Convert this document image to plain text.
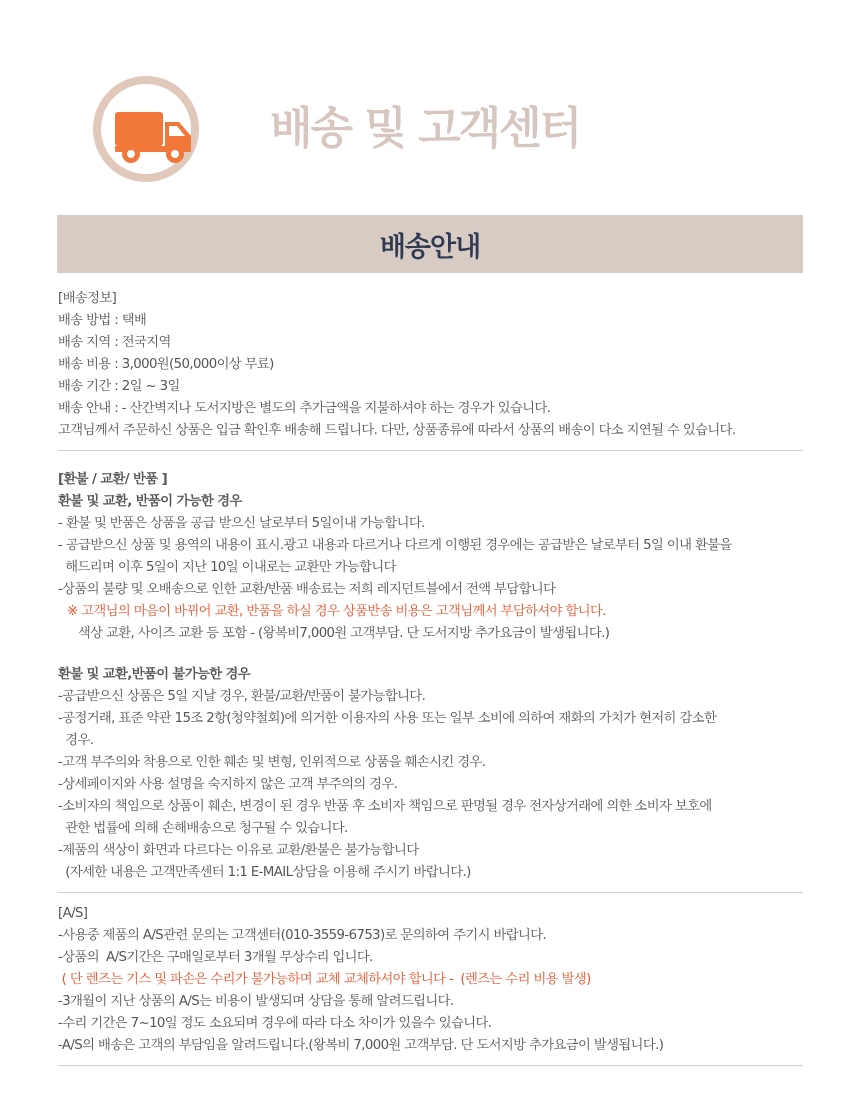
배송 및 고객센터
배송안내
[배송정보]
배송 방법 : 택배
배송 지역 : 전국지역
배송 비용 : 3,000원(50,000이상 무료)
배송 기간 : 2일 ~ 3일
배송 안내 : - 산간벽지나 도서지방은 별도의 추가금액을 지불하셔야 하는 경우가 있습니다.
고객님께서 주문하신 상품은 입금 확인후 배송해 드립니다. 다만, 상품종류에 따라서 상품의 배송이 다소 지연될 수 있습니다.
[환불 / 교환/ 반품 ]
환불 및 교환, 반품이 가능한 경우
- 환불 및 반품은 상품을 공급 받으신 날로부터 5일이내 가능합니다.
- 공급받으신 상품 및 용역의 내용이 표시.광고 내용과 다르거나 다르게 이행된 경우에는 공급받은 날로부터 5일 이내 환불을
해드리며 이후 5일이 지난 10일 이내로는 교환만 가능합니다
-상품의 불량 및 오배송으로 인한 교환/반품 배송료는 저희 레지던트블에서 전액 부담합니다
※ 고객님의 마음이 바뀌어 교환, 반품을 하실 경우 상품반송 비용은 고객님께서 부담하셔야 합니다.
색상 교환, 사이즈 교환 등 포함 - (왕복비7,000원 고객부담. 단 도서지방 추가요금이 발생됩니다.)
환불 및 교환,반품이 불가능한 경우
-공급받으신 상품은 5일 지날 경우, 환불/교환/반품이 불가능합니다.
-공정거래, 표준 약관 15조 2항(청약철회)에 의거한 이용자의 사용 또는 일부 소비에 의하여 재화의 가치가 현저히 감소한
경우.
-고객 부주의와 착용으로 인한 훼손 및 변형, 인위적으로 상품을 훼손시킨 경우.
-상세페이지와 사용 설명을 숙지하지 않은 고객 부주의의 경우.
-소비자의 책임으로 상품이 훼손, 변경이 된 경우 반품 후 소비자 책임으로 판명될 경우 전자상거래에 의한 소비자 보호에
관한 법률에 의해 손해배송으로 청구될 수 있습니다.
-제품의 색상이 화면과 다르다는 이유로 교환/환불은 불가능합니다
(자세한 내용은 고객만족센터 1:1 E-MAIL상담을 이용해 주시기 바랍니다.)
[A/S]
-사용중 제품의 A/S관련 문의는 고객센터(010-3559-6753)로 문의하여 주기시 바랍니다.
-상품의  A/S기간은 구매일로부터 3개월 무상수리 입니다.
( 단 렌즈는 기스 및 파손은 수리가 불가능하며 교체 교체하셔야 합니다 -  (렌즈는 수리 비용 발생)
-3개월이 지난 상품의 A/S는 비용이 발생되며 상담을 통해 알려드립니다.
-수리 기간은 7~10일 정도 소요되며 경우에 따라 다소 차이가 있을수 있습니다.
-A/S의 배송은 고객의 부담임을 알려드립니다.(왕복비 7,000원 고객부담. 단 도서지방 추가요금이 발생됩니다.)
